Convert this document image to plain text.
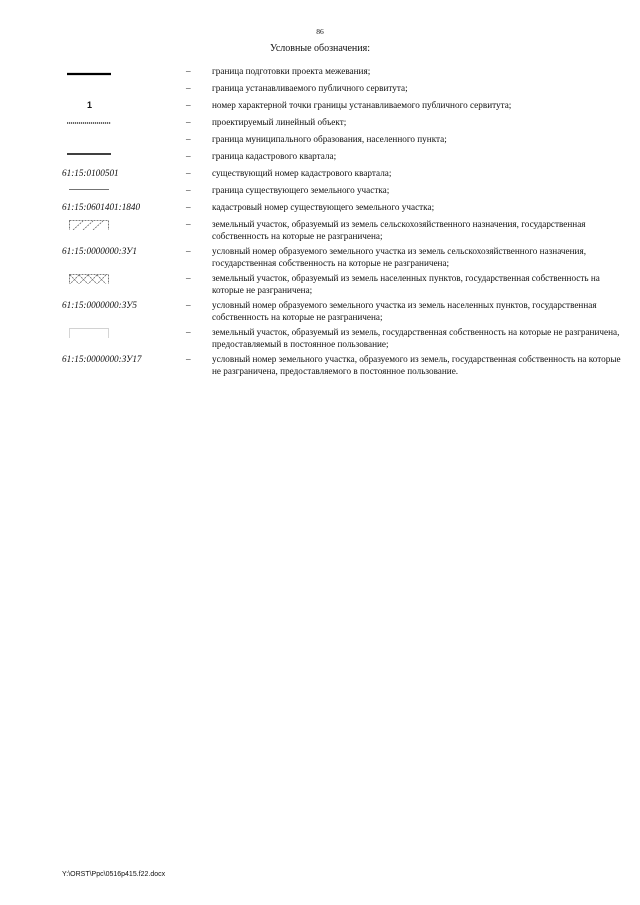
86
Условные обозначения:
–	граница подготовки проекта межевания;
–	граница устанавливаемого публичного сервитута;
1	–	номер характерной точки границы устанавливаемого публичного сервитута;
–	проектируемый линейный объект;
–	граница муниципального образования, населенного пункта;
–	граница кадастрового квартала;
61:15:0100501	–	существующий номер кадастрового квартала;
–	граница существующего земельного участка;
61:15:0601401:1840	–	кадастровый номер существующего земельного участка;
–	земельный участок, образуемый из земель сельскохозяйственного назначения, государственная собственность на которые не разграничена;
61:15:0000000:ЗУ1	–	условный номер образуемого земельного участка из земель сельскохозяйственного назначения, государственная собственность на которые не разграничена;
–	земельный участок, образуемый из земель населенных пунктов, государственная собственность на которые не разграничена;
61:15:0000000:ЗУ5	–	условный номер образуемого земельного участка из земель населенных пунктов, государственная собственность на которые не разграничена;
–	земельный участок, образуемый из земель, государственная собственность на которые не разграничена, предоставляемый в постоянное пользование;
61:15:0000000:ЗУ17	–	условный номер земельного участка, образуемого из земель, государственная собственность на которые не разграничена, предоставляемого в постоянное пользование.
Y:\ORST\Ppc\0516p415.f22.docx
